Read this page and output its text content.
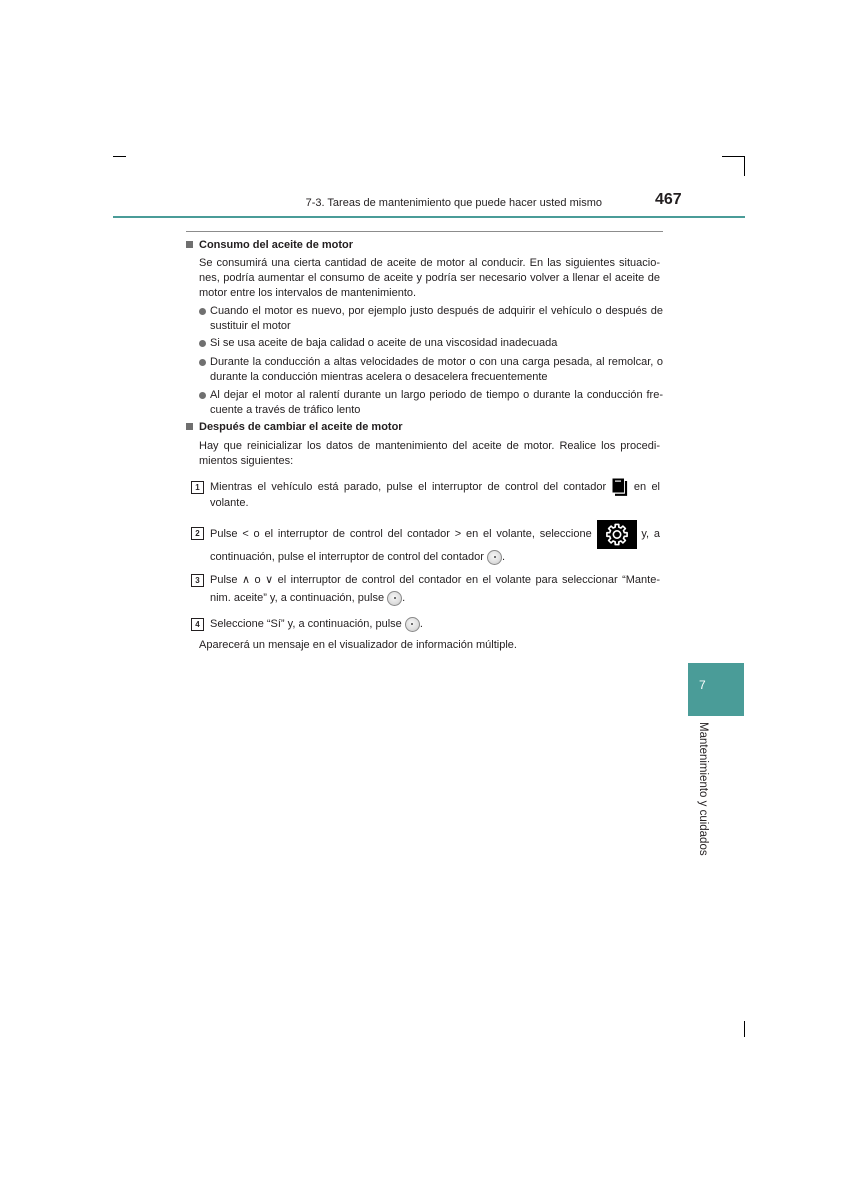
7-3. Tareas de mantenimiento que puede hacer usted mismo	467
Consumo del aceite de motor
Se consumirá una cierta cantidad de aceite de motor al conducir. En las siguientes situacio-
nes, podría aumentar el consumo de aceite y podría ser necesario volver a llenar el aceite de
motor entre los intervalos de mantenimiento.
Cuando el motor es nuevo, por ejemplo justo después de adquirir el vehículo o después de
sustituir el motor
Si se usa aceite de baja calidad o aceite de una viscosidad inadecuada
Durante la conducción a altas velocidades de motor o con una carga pesada, al remolcar, o
durante la conducción mientras acelera o desacelera frecuentemente
Al dejar el motor al ralentí durante un largo periodo de tiempo o durante la conducción fre-
cuente a través de tráfico lento
Después de cambiar el aceite de motor
Hay que reinicializar los datos de mantenimiento del aceite de motor. Realice los procedi-
mientos siguientes:
1 Mientras el vehículo está parado, pulse el interruptor de control del contador	en el
volante.
2 Pulse < o el interruptor de control del contador > en el volante, seleccione	y, a
continuación, pulse el interruptor de control del contador .
3 Pulse ∧ o ∨ el interruptor de control del contador en el volante para seleccionar “Mante-
nim. aceite” y, a continuación, pulse .
4 Seleccione “Sí” y, a continuación, pulse .
Aparecerá un mensaje en el visualizador de información múltiple.
7
Mantenimiento y cuidados
